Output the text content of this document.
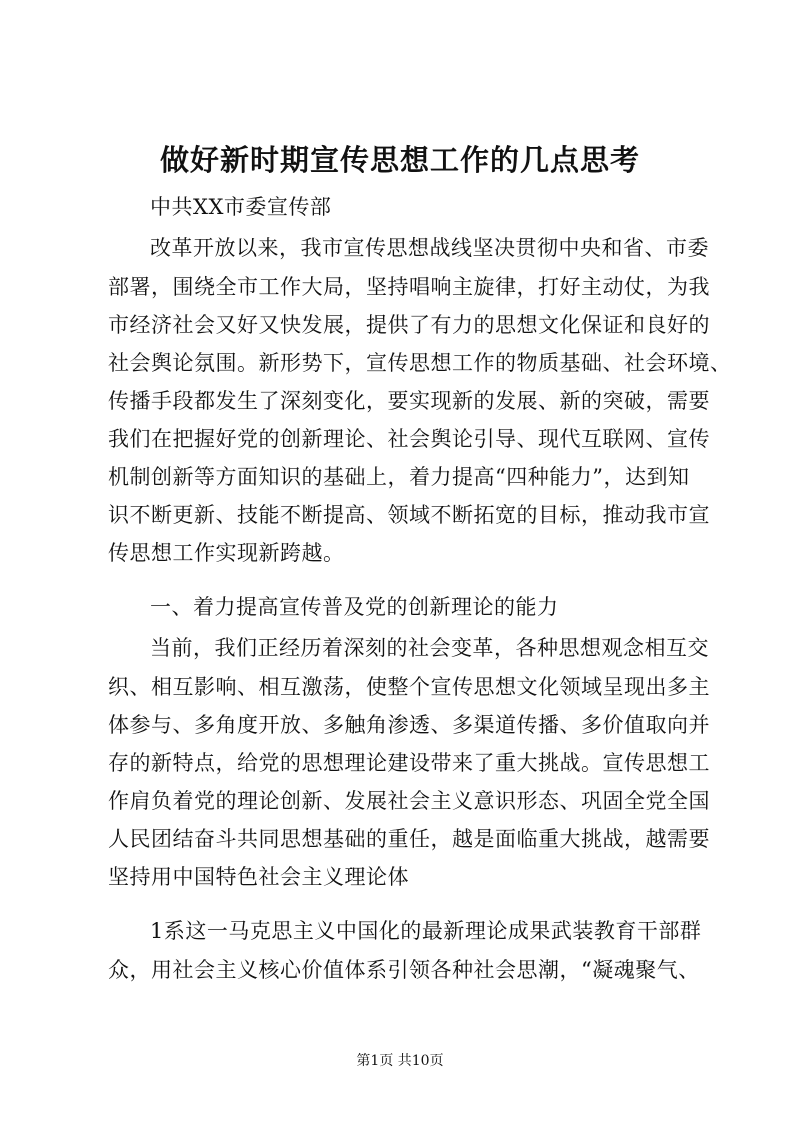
做好新时期宣传思想工作的几点思考
中共XX市委宣传部
改革开放以来，我市宣传思想战线坚决贯彻中央和省、市委
部署，围绕全市工作大局，坚持唱响主旋律，打好主动仗，为我
市经济社会又好又快发展，提供了有力的思想文化保证和良好的
社会舆论氛围。新形势下，宣传思想工作的物质基础、社会环境、
传播手段都发生了深刻变化，要实现新的发展、新的突破，需要
我们在把握好党的创新理论、社会舆论引导、现代互联网、宣传
机制创新等方面知识的基础上，着力提高“四种能力”，达到知
识不断更新、技能不断提高、领域不断拓宽的目标，推动我市宣
传思想工作实现新跨越。
一、着力提高宣传普及党的创新理论的能力
当前，我们正经历着深刻的社会变革，各种思想观念相互交
织、相互影响、相互激荡，使整个宣传思想文化领域呈现出多主
体参与、多角度开放、多触角渗透、多渠道传播、多价值取向并
存的新特点，给党的思想理论建设带来了重大挑战。宣传思想工
作肩负着党的理论创新、发展社会主义意识形态、巩固全党全国
人民团结奋斗共同思想基础的重任，越是面临重大挑战，越需要
坚持用中国特色社会主义理论体
1系这一马克思主义中国化的最新理论成果武装教育干部群
众，用社会主义核心价值体系引领各种社会思潮，“凝魂聚气、
第1页 共10页
